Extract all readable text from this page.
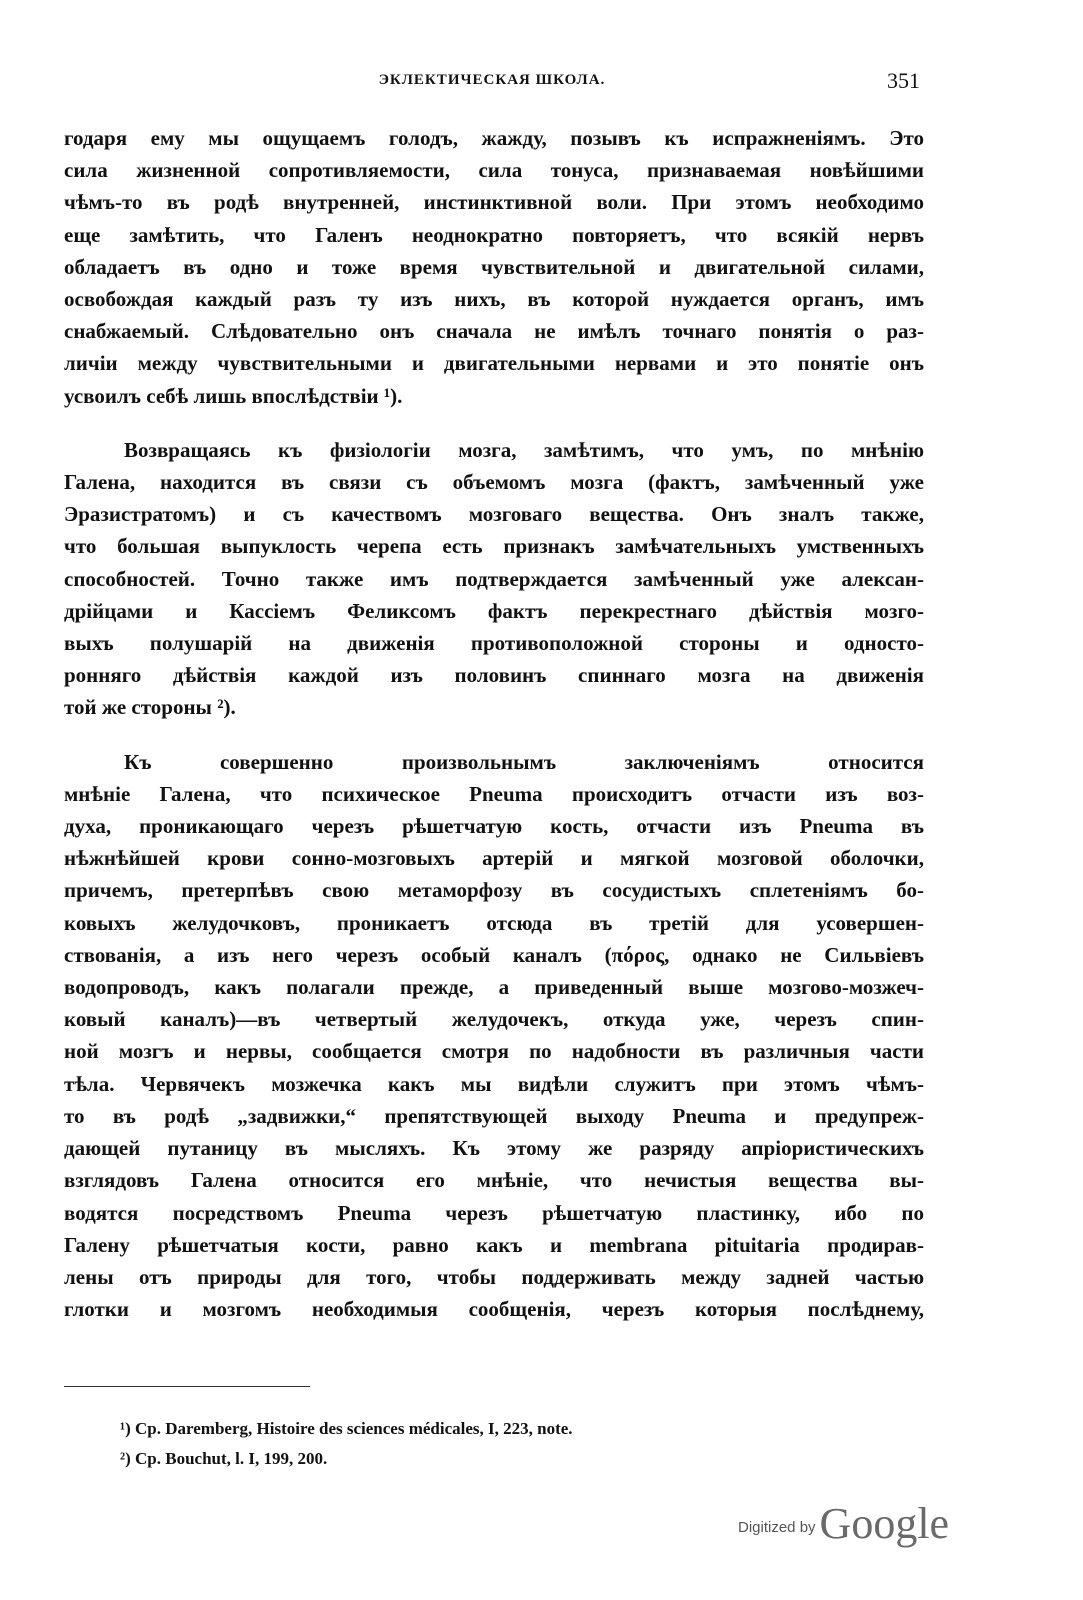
ЭКЛЕКТИЧЕСКАЯ ШКОЛА.	351
годаря ему мы ощущаемъ голодъ, жажду, позывъ къ испражненiямъ. Это
сила жизненной сопротивляемости, сила тонуса, признаваемая новѣйшими
чѣмъ-то въ родѣ внутренней, инстинктивной воли. При этомъ необходимо
еще замѣтить, что Галенъ неоднократно повторяетъ, что всякiй нервъ
обладаетъ въ одно и тоже время чувствительной и двигательной силами,
освобождая каждый разъ ту изъ нихъ, въ которой нуждается органъ, имъ
снабжаемый. Слѣдовательно онъ сначала не имѣлъ точнаго понятiя о раз-
личiи между чувствительными и двигательными нервами и это понятiе онъ
усвоилъ себѣ лишь впослѣдствiи ¹).
Возвращаясь къ физiологiи мозга, замѣтимъ, что умъ, по мнѣнiю
Галена, находится въ связи съ объемомъ мозга (фактъ, замѣченный уже
Эразистратомъ) и съ качествомъ мозговаго вещества. Онъ зналъ также,
что большая выпуклость черепа есть признакъ замѣчательныхъ умственныхъ
способностей. Точно также имъ подтверждается замѣченный уже алексан-
дрiйцами и Кассiемъ Феликсомъ фактъ перекрестнаго дѣйствiя мозго-
выхъ полушарiй на движенiя противоположной стороны и односто-
ронняго дѣйствiя каждой изъ половинъ спиннаго мозга на движенiя
той же стороны ²).
Къ совершенно произвольнымъ заключенiямъ относится
мнѣнiе Галена, что психическое Pneuma происходитъ отчасти изъ воз-
духа, проникающаго черезъ рѣшетчатую кость, отчасти изъ Pneuma въ
нѣжнѣйшей крови сонно-мозговыхъ артерiй и мягкой мозговой оболочки,
причемъ, претерпѣвъ свою метаморфозу въ сосудистыхъ сплетенiямъ бо-
ковыхъ желудочковъ, проникаетъ отсюда въ третiй для усовершен-
ствованiя, а изъ него черезъ особый каналъ (πόρος, однако не Сильвiевъ
водопроводъ, какъ полагали прежде, а приведенный выше мозгово-мозжеч-
ковый каналъ)—въ четвертый желудочекъ, откуда уже, черезъ спин-
ной мозгъ и нервы, сообщается смотря по надобности въ различныя части
тѣла. Червячекъ мозжечка какъ мы видѣли служитъ при этомъ чѣмъ-
то въ родѣ „задвижки,“ препятствующей выходу Pneuma и предупреж-
дающей путаницу въ мысляхъ. Къ этому же разряду апрiористическихъ
взглядовъ Галена относится его мнѣнiе, что нечистыя вещества вы-
водятся посредствомъ Pneuma черезъ рѣшетчатую пластинку, ибо по
Галену рѣшетчатыя кости, равно какъ и membrana pituitaria продирав-
лены отъ природы для того, чтобы поддерживать между задней частью
глотки и мозгомъ необходимыя сообщенiя, черезъ которыя послѣднему,
¹) Ср. Daremberg, Histoire des sciences médicales, I, 223, note.
²) Ср. Bouchut, l. I, 199, 200.
Digitized by Google
